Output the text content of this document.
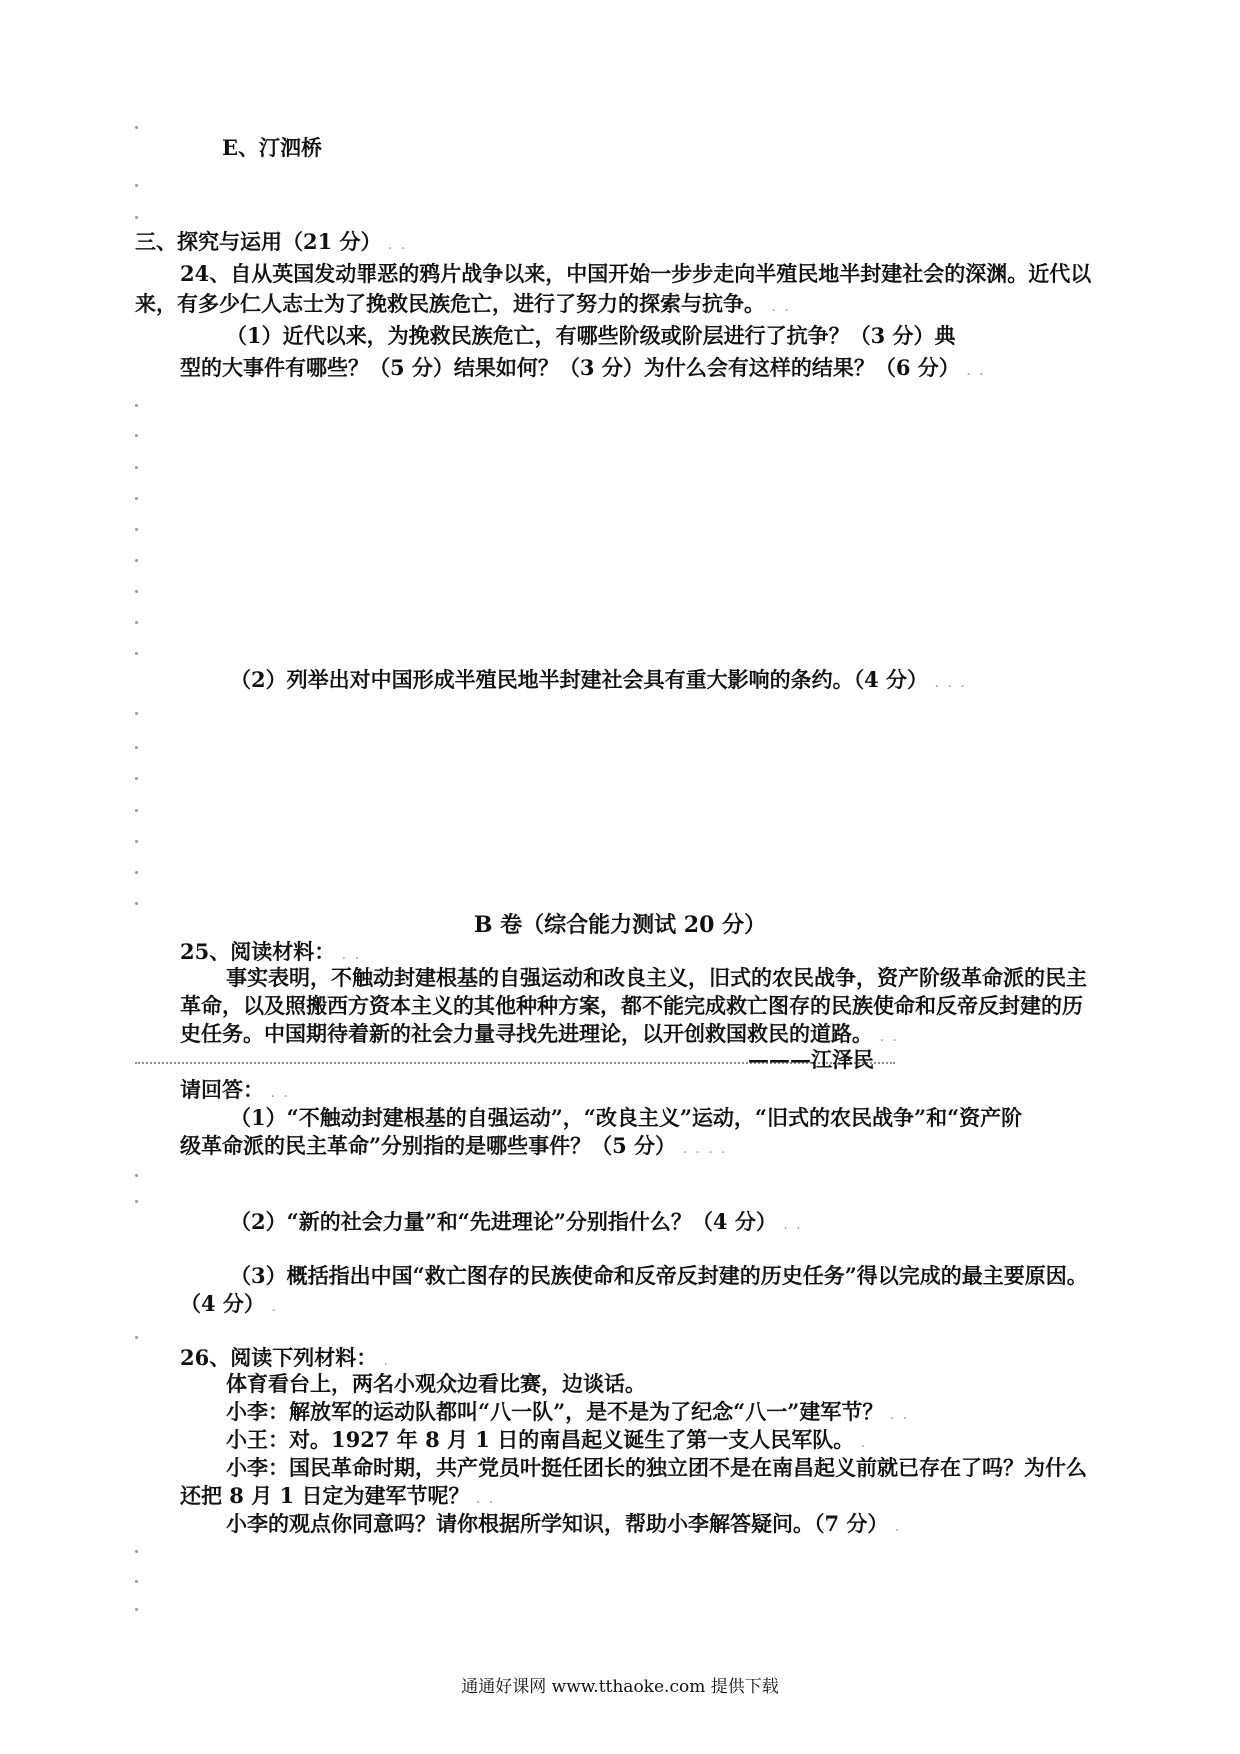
E、汀泗桥
三、探究与运用（21 分） . .
24、自从英国发动罪恶的鸦片战争以来，中国开始一步步走向半殖民地半封建社会的深渊。近代以
来，有多少仁人志士为了挽救民族危亡，进行了努力的探索与抗争。 . .
（1）近代以来，为挽救民族危亡，有哪些阶级或阶层进行了抗争？（3 分）典
型的大事件有哪些？（5 分）结果如何？（3 分）为什么会有这样的结果？（6 分） . .
（2）列举出对中国形成半殖民地半封建社会具有重大影响的条约。（4 分） . . .
B 卷（综合能力测试 20 分）
25、阅读材料： . .
事实表明，不触动封建根基的自强运动和改良主义，旧式的农民战争，资产阶级革命派的民主
革命，以及照搬西方资本主义的其他种种方案，都不能完成救亡图存的民族使命和反帝反封建的历
史任务。中国期待着新的社会力量寻找先进理论，以开创救国救民的道路。 . .
———江泽民
请回答： . .
（1）“不触动封建根基的自强运动”，“改良主义”运动，“旧式的农民战争”和“资产阶
级革命派的民主革命”分别指的是哪些事件？（5 分） . . . .
（2）“新的社会力量”和“先进理论”分别指什么？（4 分） . .
（3）概括指出中国“救亡图存的民族使命和反帝反封建的历史任务”得以完成的最主要原因。
（4 分） .
26、阅读下列材料： .
体育看台上，两名小观众边看比赛，边谈话。
小李：解放军的运动队都叫“八一队”，是不是为了纪念“八一”建军节？ . .
小王：对。1927 年 8 月 1 日的南昌起义诞生了第一支人民军队。 .
小李：国民革命时期，共产党员叶挺任团长的独立团不是在南昌起义前就已存在了吗？为什么
还把 8 月 1 日定为建军节呢？ . .
小李的观点你同意吗？请你根据所学知识，帮助小李解答疑问。（7 分） .
通通好课网 www.tthaoke.com 提供下载
